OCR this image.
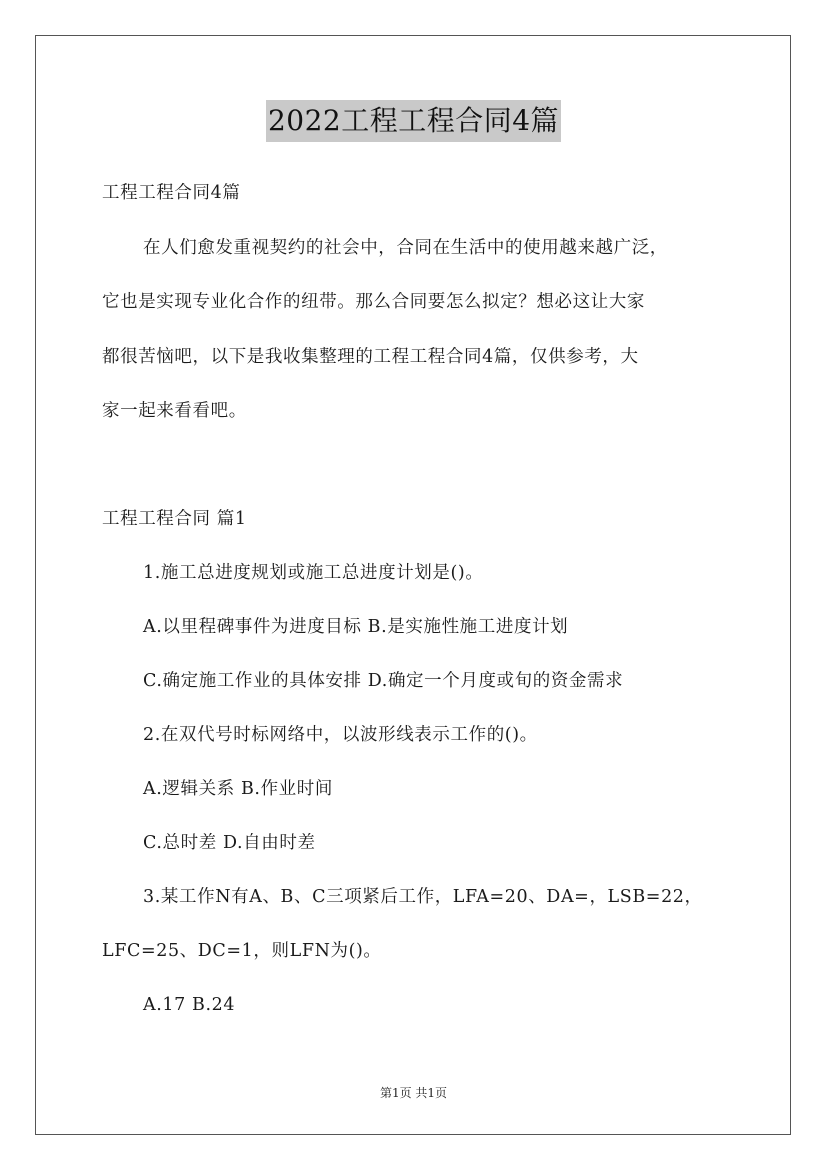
2022工程工程合同4篇
工程工程合同4篇
在人们愈发重视契约的社会中，合同在生活中的使用越来越广泛，
它也是实现专业化合作的纽带。那么合同要怎么拟定？想必这让大家
都很苦恼吧，以下是我收集整理的工程工程合同4篇，仅供参考，大
家一起来看看吧。
工程工程合同 篇1
1.施工总进度规划或施工总进度计划是()。
A.以里程碑事件为进度目标 B.是实施性施工进度计划
C.确定施工作业的具体安排 D.确定一个月度或旬的资金需求
2.在双代号时标网络中，以波形线表示工作的()。
A.逻辑关系 B.作业时间
C.总时差 D.自由时差
3.某工作N有A、B、C三项紧后工作，LFA=20、DA=，LSB=22，
LFC=25、DC=1，则LFN为()。
A.17 B.24
第1页 共1页
